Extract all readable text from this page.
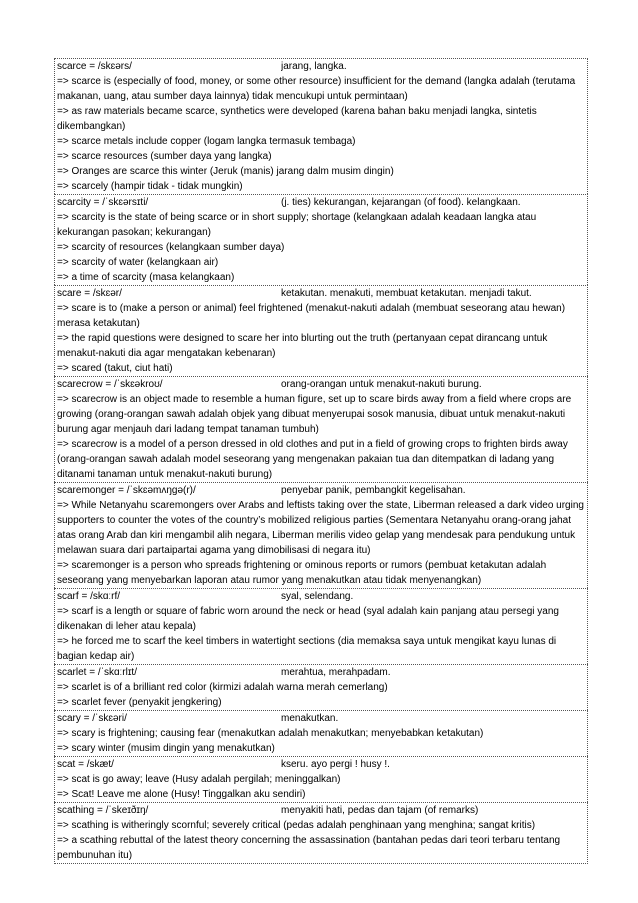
scarce = /skɛərs/	jarang, langka.

=> scarce is (especially of food, money, or some other resource) insufficient for the demand (langka adalah (terutama makanan, uang, atau sumber daya lainnya) tidak mencukupi untuk permintaan)

=> as raw materials became scarce, synthetics were developed (karena bahan baku menjadi langka, sintetis dikembangkan)

=> scarce metals include copper (logam langka termasuk tembaga)

=> scarce resources (sumber daya yang langka)

=> Oranges are scarce this winter (Jeruk (manis) jarang dalm musim dingin)

=> scarcely (hampir tidak - tidak mungkin)

scarcity = /ˈskɛərsɪti/	(j. ties) kekurangan, kejarangan (of food). kelangkaan.

=> scarcity is the state of being scarce or in short supply; shortage (kelangkaan adalah keadaan langka atau kekurangan pasokan; kekurangan)

=> scarcity of resources (kelangkaan sumber daya)

=> scarcity of water (kelangkaan air)

=> a time of scarcity (masa kelangkaan)

scare = /skɛər/	ketakutan. menakuti, membuat ketakutan. menjadi takut.

=> scare is to (make a person or animal) feel frightened (menakut-nakuti adalah (membuat seseorang atau hewan) merasa ketakutan)

=> the rapid questions were designed to scare her into blurting out the truth (pertanyaan cepat dirancang untuk menakut-nakuti dia agar mengatakan kebenaran)

=> scared (takut, ciut hati)

scarecrow = /ˈskɛəkroʊ/	orang-orangan untuk menakut-nakuti burung.

=> scarecrow is an object made to resemble a human figure, set up to scare birds away from a field where crops are growing (orang-orangan sawah adalah objek yang dibuat menyerupai sosok manusia, dibuat untuk menakut-nakuti burung agar menjauh dari ladang tempat tanaman tumbuh)

=> scarecrow is a model of a person dressed in old clothes and put in a field of growing crops to frighten birds away (orang-orangan sawah adalah model seseorang yang mengenakan pakaian tua dan ditempatkan di ladang yang ditanami tanaman untuk menakut-nakuti burung)

scaremonger = /ˈskɛəmʌŋɡə(r)/	penyebar panik, pembangkit kegelisahan.

=> While Netanyahu scaremongers over Arabs and leftists taking over the state, Liberman released a dark video urging supporters to counter the votes of the country’s mobilized religious parties (Sementara Netanyahu orang-orang jahat atas orang Arab dan kiri mengambil alih negara, Liberman merilis video gelap yang mendesak para pendukung untuk melawan suara dari partaipartai agama yang dimobilisasi di negara itu)

=> scaremonger is a person who spreads frightening or ominous reports or rumors (pembuat ketakutan adalah seseorang yang menyebarkan laporan atau rumor yang menakutkan atau tidak menyenangkan)

scarf = /skɑːrf/	syal, selendang.

=> scarf is a length or square of fabric worn around the neck or head (syal adalah kain panjang atau persegi yang dikenakan di leher atau kepala)

=> he forced me to scarf the keel timbers in watertight sections (dia memaksa saya untuk mengikat kayu lunas di bagian kedap air)

scarlet = /ˈskɑːrlɪt/	merahtua, merahpadam.

=> scarlet is of a brilliant red color (kirmizi adalah warna merah cemerlang)

=> scarlet fever (penyakit jengkering)

scary = /ˈskɛəri/	menakutkan.

=> scary is frightening; causing fear (menakutkan adalah menakutkan; menyebabkan ketakutan)

=> scary winter (musim dingin yang menakutkan)

scat = /skæt/	kseru. ayo pergi ! husy !.

=> scat is go away; leave (Husy adalah pergilah; meninggalkan)

=> Scat! Leave me alone (Husy! Tinggalkan aku sendiri)

scathing = /ˈskeɪðɪŋ/	menyakiti hati, pedas dan tajam (of remarks)

=> scathing is witheringly scornful; severely critical (pedas adalah penghinaan yang menghina; sangat kritis)

=> a scathing rebuttal of the latest theory concerning the assassination (bantahan pedas dari teori terbaru tentang pembunuhan itu)
